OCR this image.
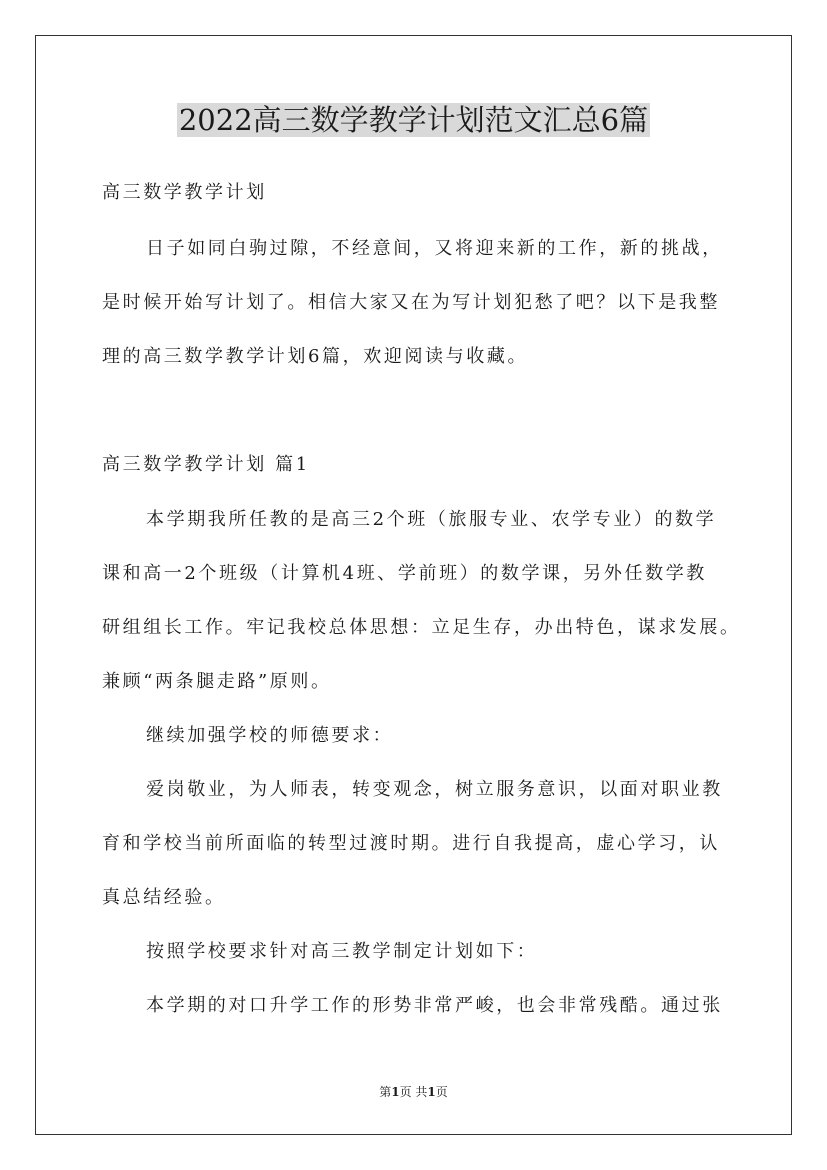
2022高三数学教学计划范文汇总6篇

高三数学教学计划

日子如同白驹过隙，不经意间，又将迎来新的工作，新的挑战，

是时候开始写计划了。相信大家又在为写计划犯愁了吧？以下是我整

理的高三数学教学计划6篇，欢迎阅读与收藏。

高三数学教学计划 篇1

本学期我所任教的是高三2个班（旅服专业、农学专业）的数学

课和高一2个班级（计算机4班、学前班）的数学课，另外任数学教

研组组长工作。牢记我校总体思想：立足生存，办出特色，谋求发展。

兼顾“两条腿走路”原则。

继续加强学校的师德要求：

爱岗敬业，为人师表，转变观念，树立服务意识，以面对职业教

育和学校当前所面临的转型过渡时期。进行自我提高，虚心学习，认

真总结经验。

按照学校要求针对高三教学制定计划如下：

本学期的对口升学工作的形势非常严峻，也会非常残酷。通过张

第1页 共1页
